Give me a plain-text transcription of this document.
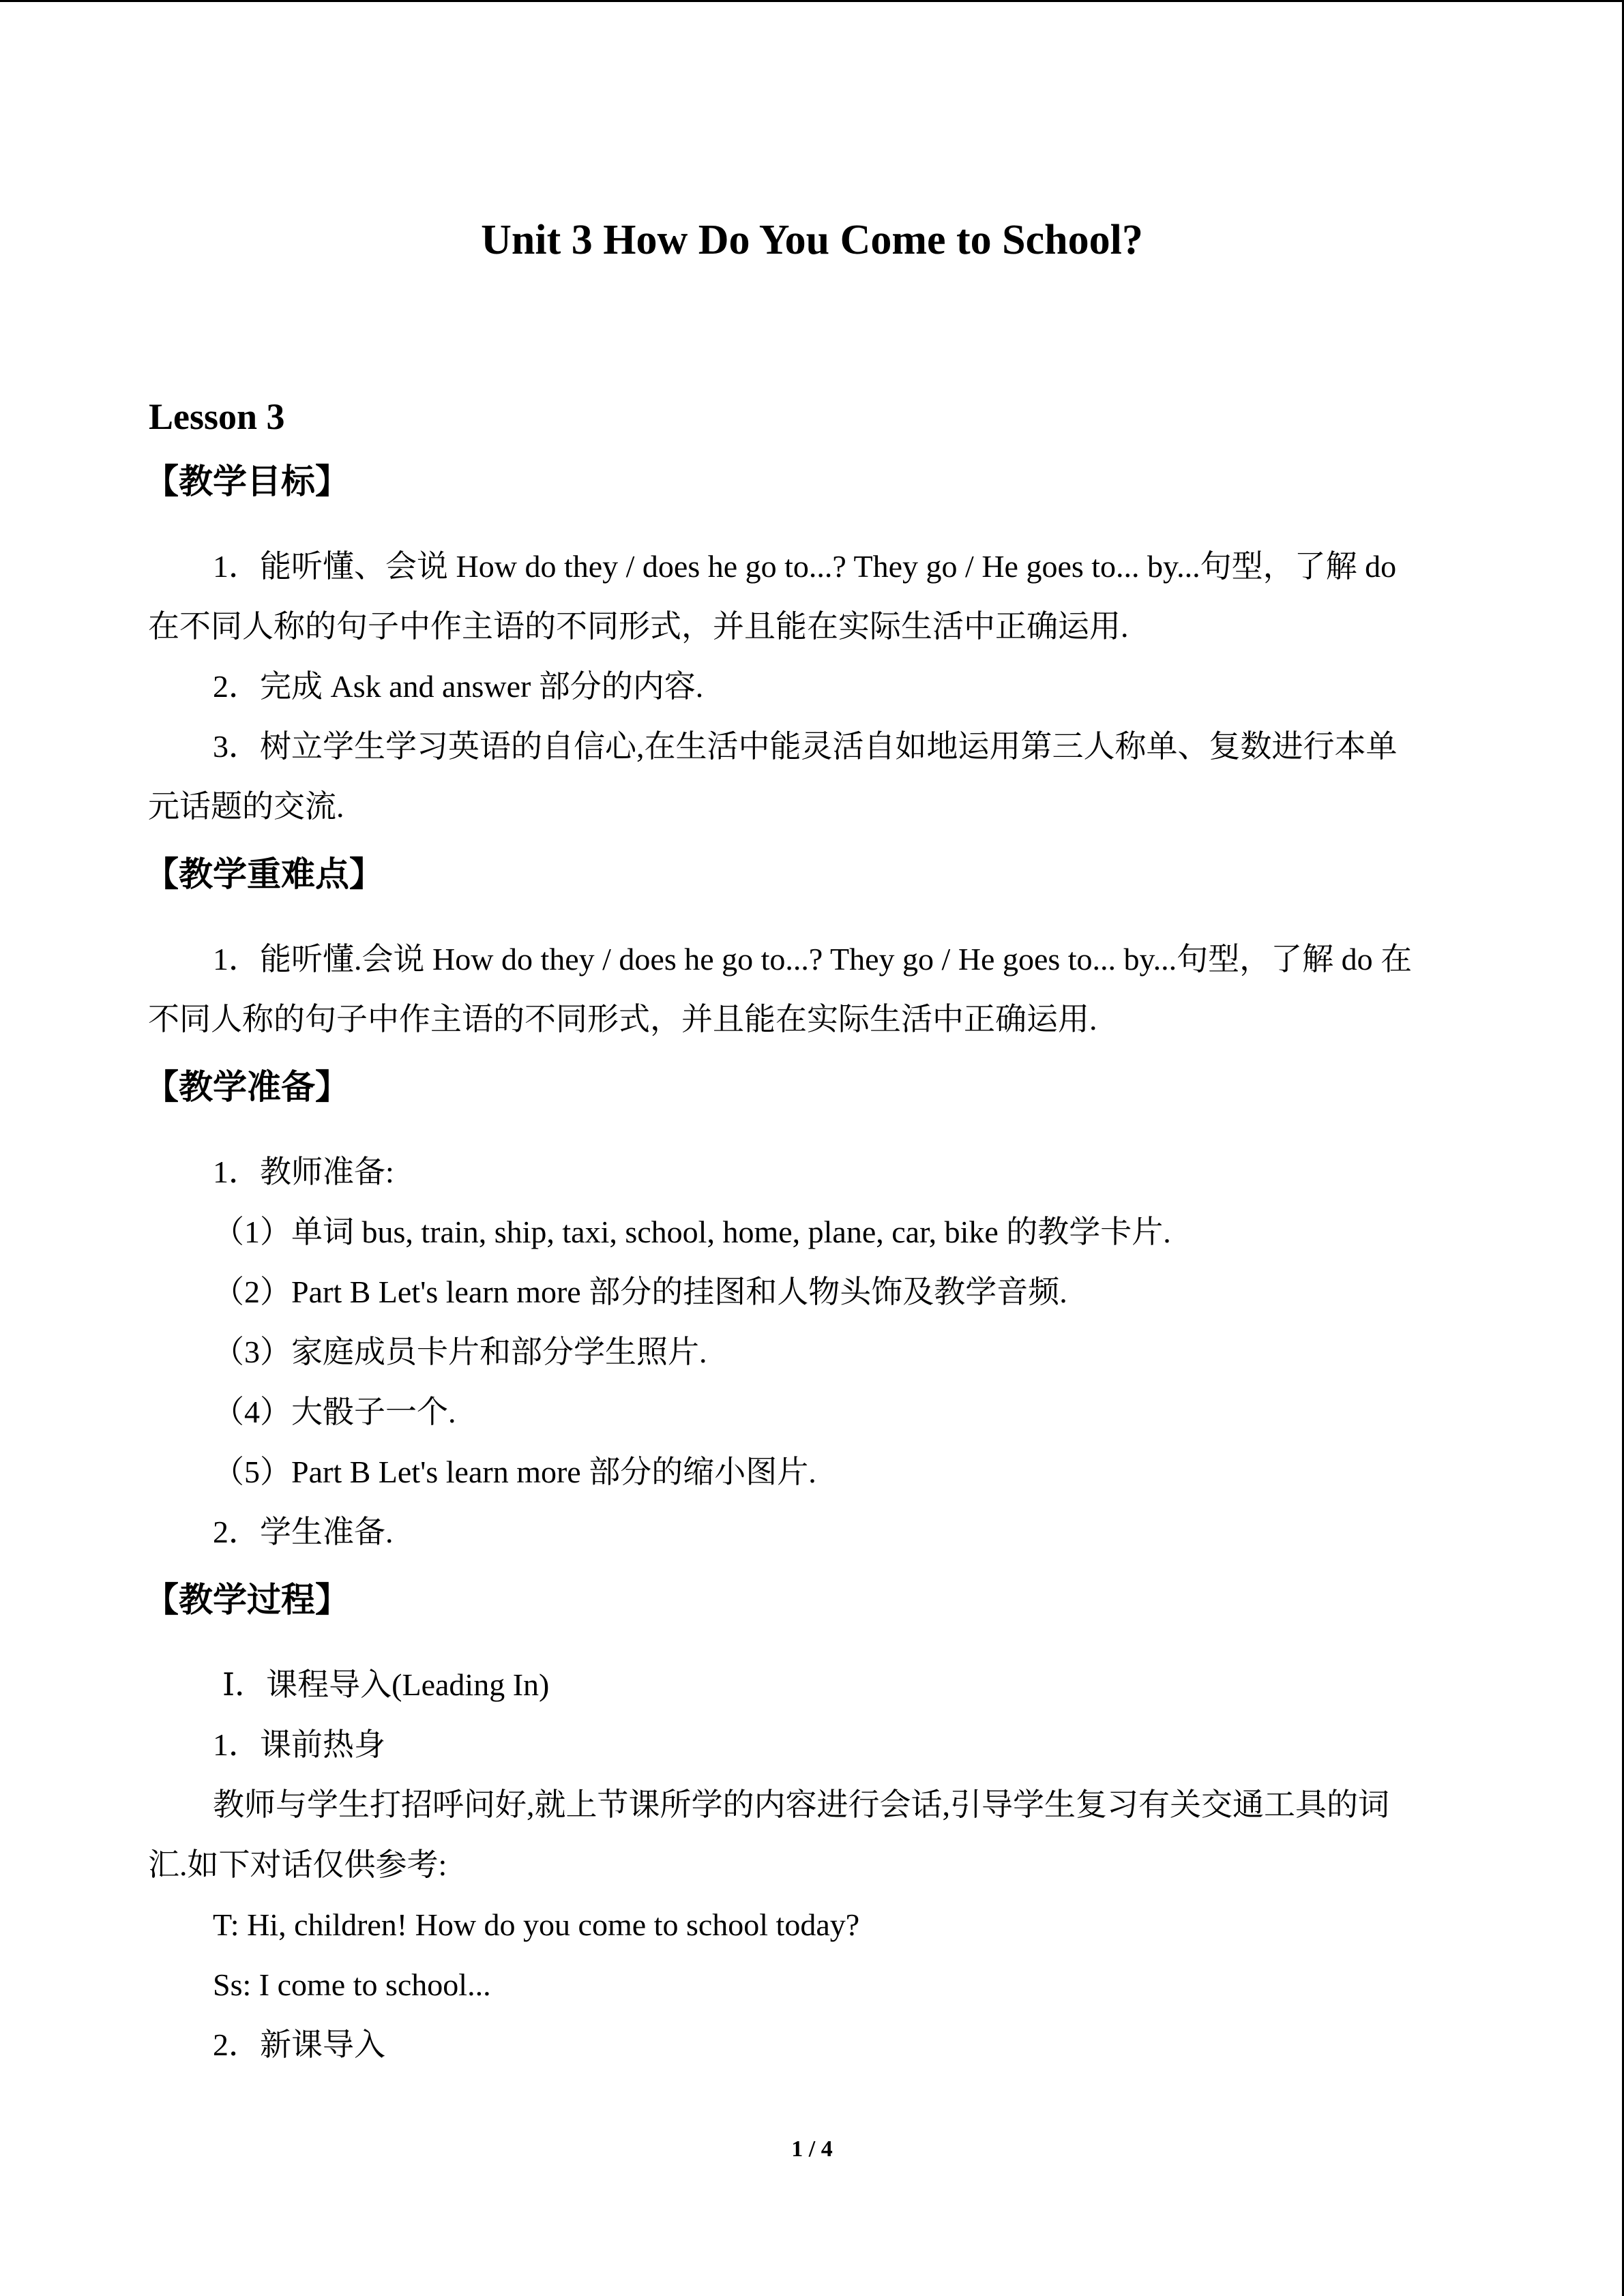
Unit 3 How Do You Come to School?
Lesson 3
【教学目标】
1．能听懂、会说 How do they / does he go to...? They go / He goes to... by...句型，了解 do
在不同人称的句子中作主语的不同形式，并且能在实际生活中正确运用.
2．完成 Ask and answer 部分的内容.
3．树立学生学习英语的自信心,在生活中能灵活自如地运用第三人称单、复数进行本单
元话题的交流.
【教学重难点】
1．能听懂.会说 How do they / does he go to...? They go / He goes to... by...句型，了解 do 在
不同人称的句子中作主语的不同形式，并且能在实际生活中正确运用.
【教学准备】
1．教师准备:
（1）单词 bus, train, ship, taxi, school, home, plane, car, bike 的教学卡片.
（2）Part B Let's learn more 部分的挂图和人物头饰及教学音频.
（3）家庭成员卡片和部分学生照片.
（4）大骰子一个.
（5）Part B Let's learn more 部分的缩小图片.
2．学生准备.
【教学过程】
Ⅰ．课程导入(Leading In)
1．课前热身
教师与学生打招呼问好,就上节课所学的内容进行会话,引导学生复习有关交通工具的词
汇.如下对话仅供参考:
T: Hi, children! How do you come to school today?
Ss: I come to school...
2．新课导入
1 / 4
